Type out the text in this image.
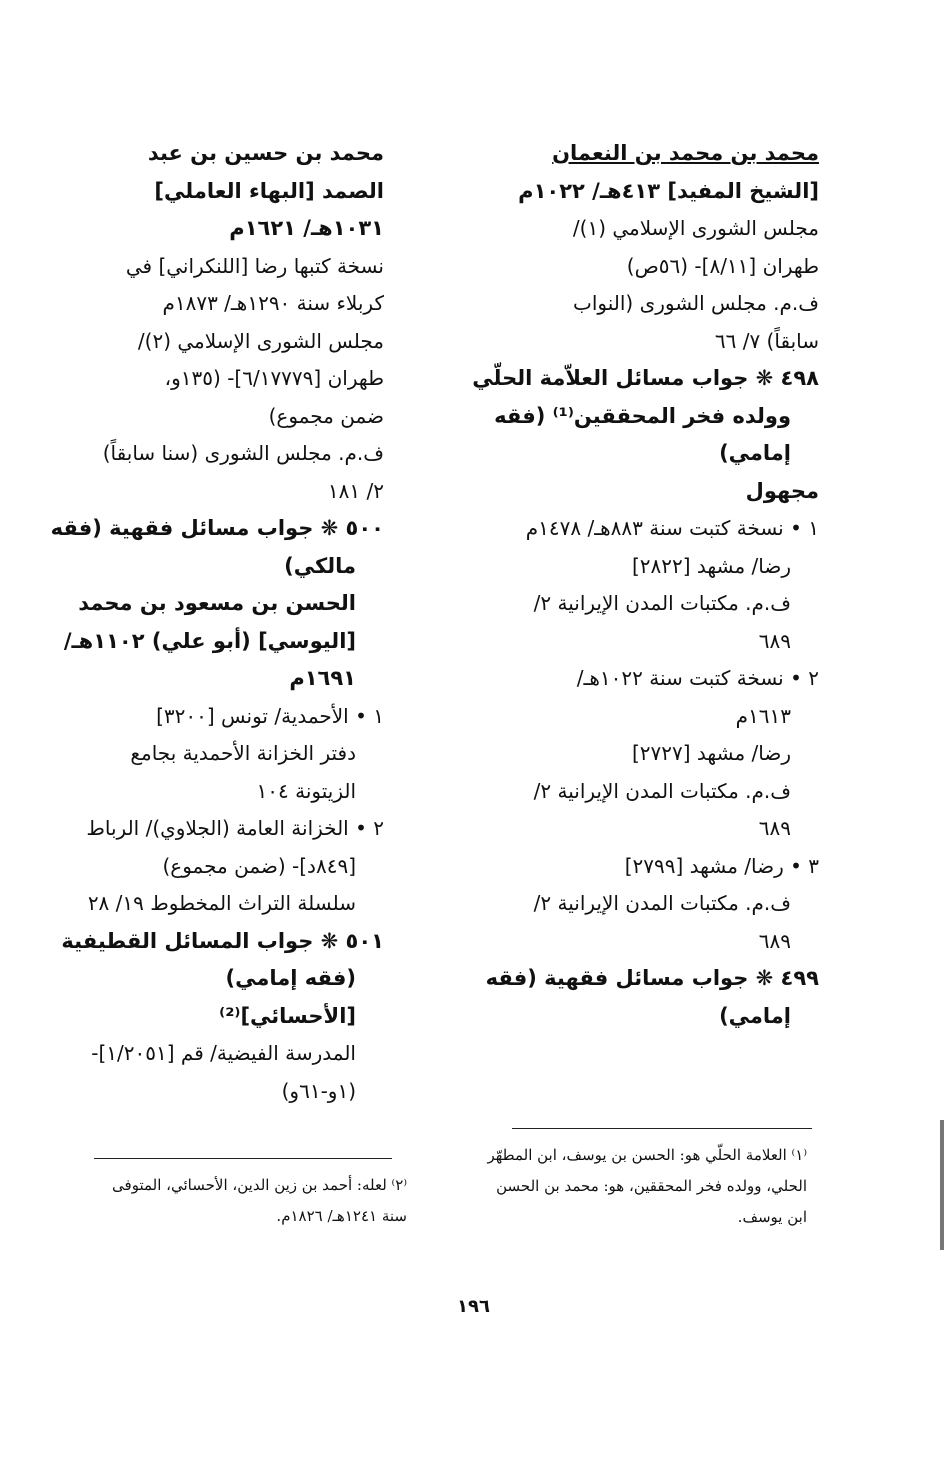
محمد بن محمد بن النعمان
[الشيخ المفيد] ٤١٣هـ/ ١٠٢٢م
مجلس الشورى الإسلامي (١)/
طهران [٨/١١]- (٥٦ص)
ف.م. مجلس الشورى (النواب
سابقاً) ٧/ ٦٦
٤٩٨ ❋ جواب مسائل العلاّمة الحلّي
وولده فخر المحققين⁽¹⁾ (فقه
إمامي)
مجهول
١ • نسخة كتبت سنة ٨٨٣هـ/ ١٤٧٨م
رضا/ مشهد [٢٨٢٢]
ف.م. مكتبات المدن الإيرانية ٢/
٦٨٩
٢ • نسخة كتبت سنة ١٠٢٢هـ/
١٦١٣م
رضا/ مشهد [٢٧٢٧]
ف.م. مكتبات المدن الإيرانية ٢/
٦٨٩
٣ • رضا/ مشهد [٢٧٩٩]
ف.م. مكتبات المدن الإيرانية ٢/
٦٨٩
٤٩٩ ❋ جواب مسائل فقهية (فقه
إمامي)
محمد بن حسين بن عبد
الصمد [البهاء العاملي]
١٠٣١هـ/ ١٦٢١م
نسخة كتبها رضا [اللنكراني] في
كربلاء سنة ١٢٩٠هـ/ ١٨٧٣م
مجلس الشورى الإسلامي (٢)/
طهران [٦/١٧٧٧٩]- (١٣٥و،
ضمن مجموع)
ف.م. مجلس الشورى (سنا سابقاً)
٢/ ١٨١
٥٠٠ ❋ جواب مسائل فقهية (فقه
مالكي)
الحسن بن مسعود بن محمد
[اليوسي] (أبو علي) ١١٠٢هـ/
١٦٩١م
١ • الأحمدية/ تونس [٣٢٠٠]
دفتر الخزانة الأحمدية بجامع
الزيتونة ١٠٤
٢ • الخزانة العامة (الجلاوي)/ الرباط
[٨٤٩د]- (ضمن مجموع)
سلسلة التراث المخطوط ١٩/ ٢٨
٥٠١ ❋ جواب المسائل القطيفية
(فقه إمامي)
[الأحسائي]⁽²⁾
المدرسة الفيضية/ قم [١/٢٠٥١]-
(١و-٦١و)
⁽١⁾ العلامة الحلّي هو: الحسن بن يوسف، ابن المطهّر
الحلي، وولده فخر المحققين، هو: محمد بن الحسن
ابن يوسف.
⁽٢⁾ لعله: أحمد بن زين الدين، الأحسائي، المتوفى
سنة ١٢٤١هـ/ ١٨٢٦م.
١٩٦
